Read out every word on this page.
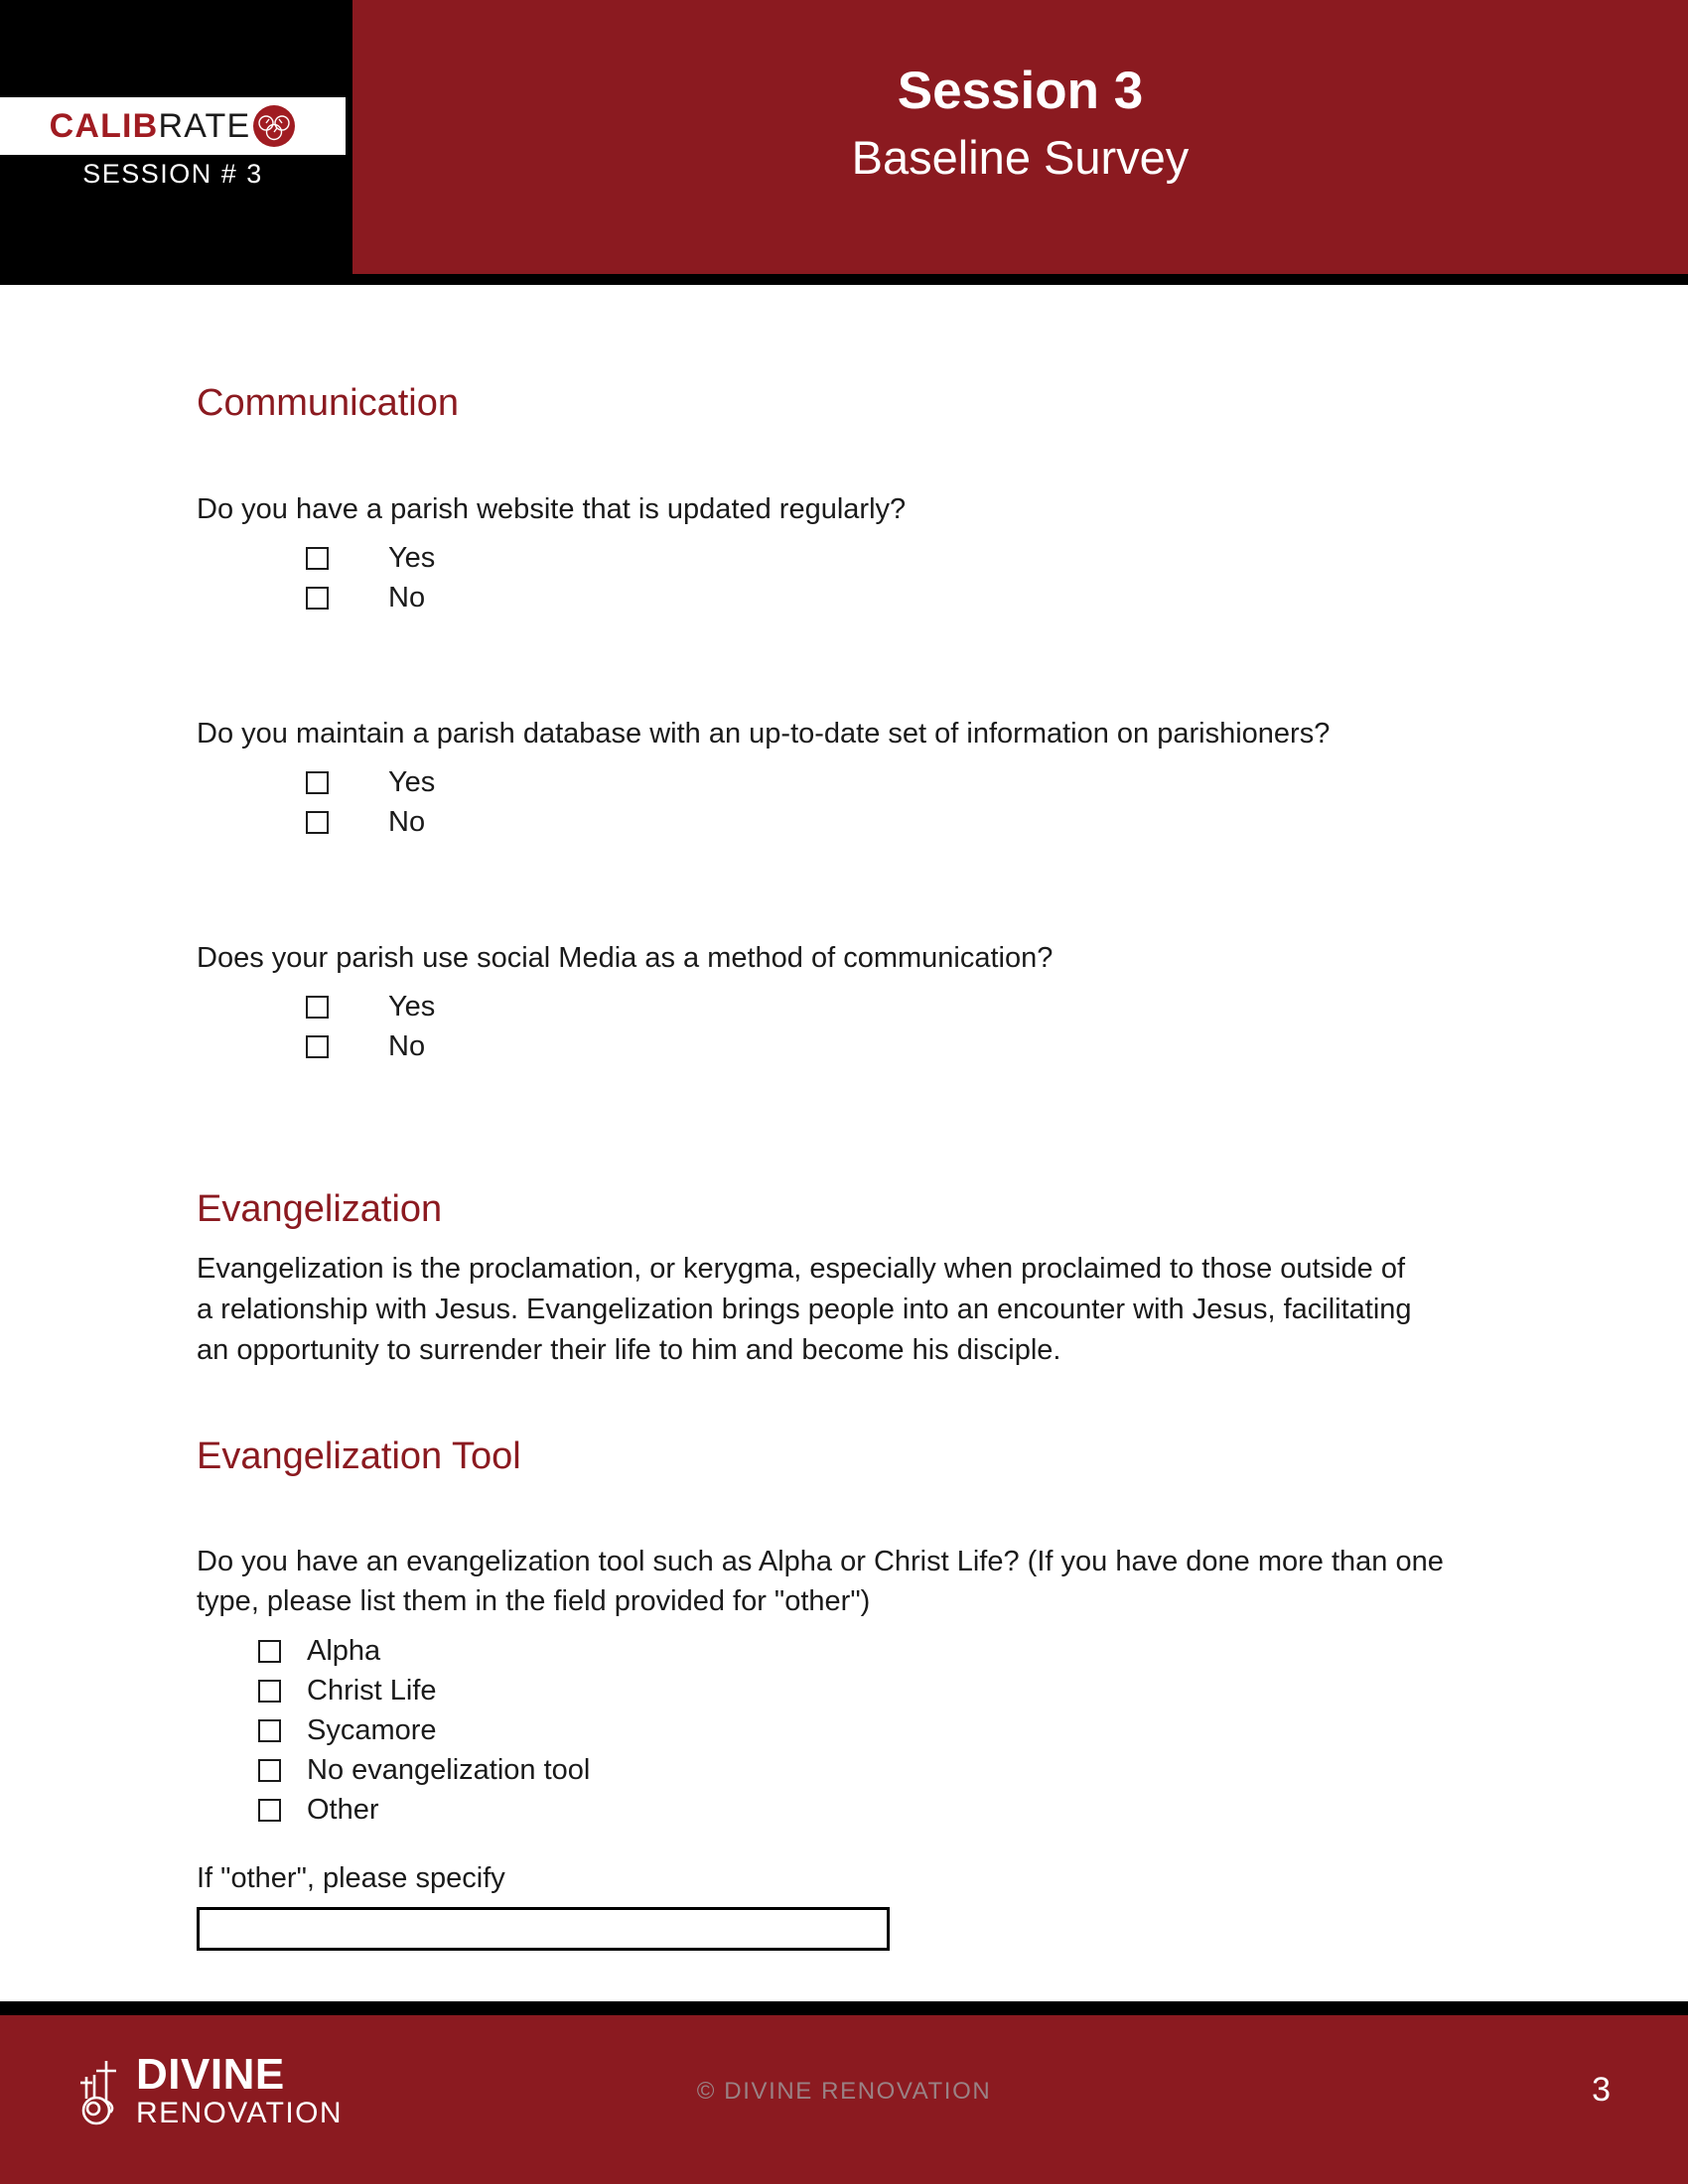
CALIB RATE
SESSION # 3
Session 3
Baseline Survey
Communication

Do you have a parish website that is updated regularly?

Yes
No

Do you maintain a parish database with an up-to-date set of information on parishioners?

Yes
No

Does your parish use social Media as a method of communication?

Yes
No
Evangelization

Evangelization is the proclamation, or kerygma, especially when proclaimed to those outside of a relationship with Jesus. Evangelization brings people into an encounter with Jesus, facilitating an opportunity to surrender their life to him and become his disciple.

Evangelization Tool

Do you have an evangelization tool such as Alpha or Christ Life? (If you have done more than one type, please list them in the field provided for "other")

Alpha
Christ Life
Sycamore
No evangelization tool
Other
If "other", please specify
DIVINE
RENOVATION
© DIVINE RENOVATION	3
